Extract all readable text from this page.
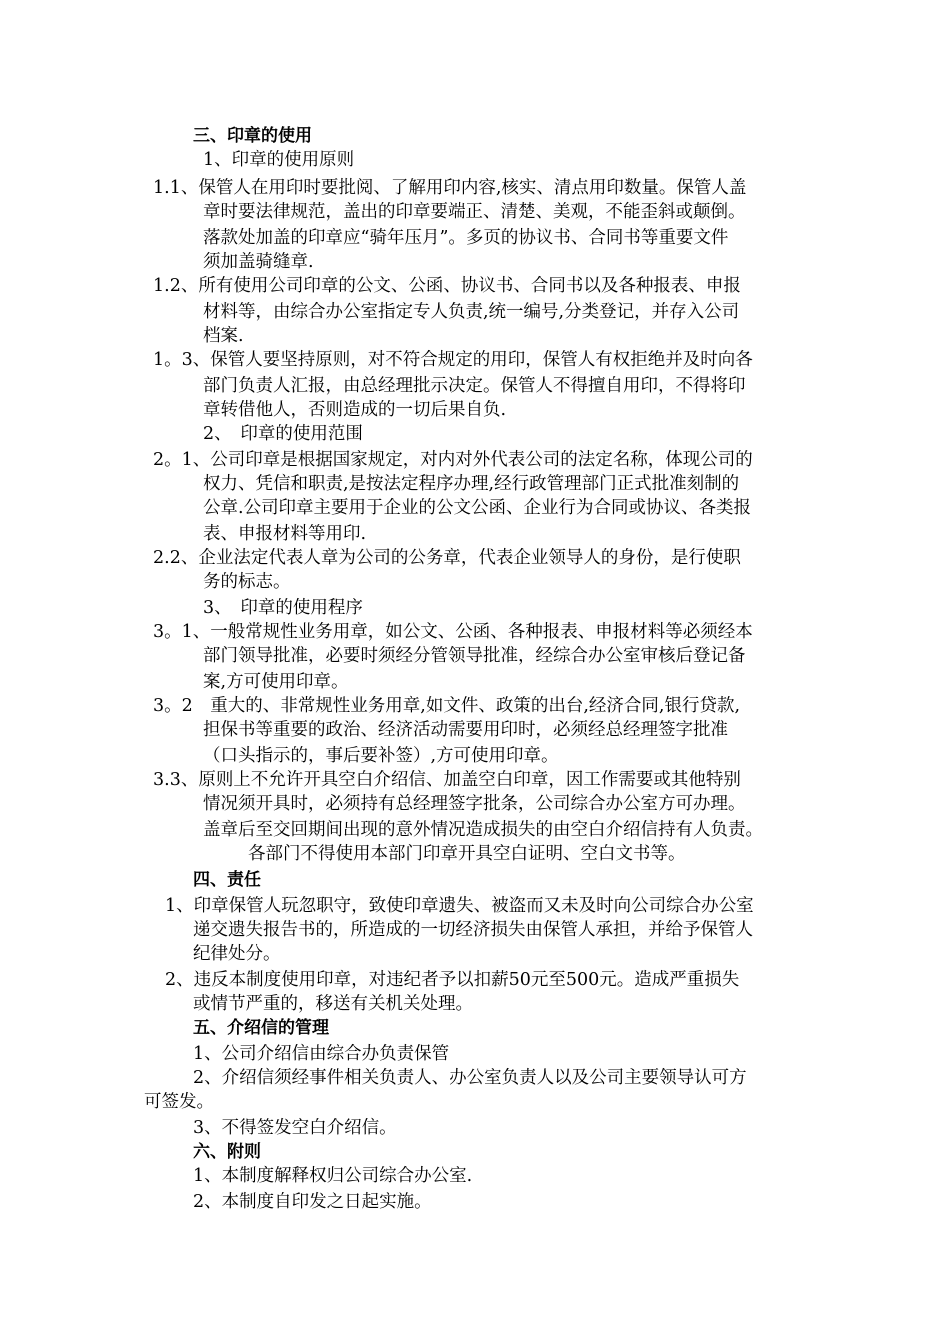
三、印章的使用
1、印章的使用原则
1.1、保管人在用印时要批阅、了解用印内容,核实、清点用印数量。保管人盖
章时要法律规范，盖出的印章要端正、清楚、美观，不能歪斜或颠倒。
落款处加盖的印章应“骑年压月”。多页的协议书、合同书等重要文件
须加盖骑缝章.
1.2、所有使用公司印章的公文、公函、协议书、合同书以及各种报表、申报
材料等，由综合办公室指定专人负责,统一编号,分类登记，并存入公司
档案.
1。3、保管人要坚持原则，对不符合规定的用印，保管人有权拒绝并及时向各
部门负责人汇报，由总经理批示决定。保管人不得擅自用印，不得将印
章转借他人，否则造成的一切后果自负.
2、　印章的使用范围
2。1、公司印章是根据国家规定，对内对外代表公司的法定名称，体现公司的
权力、凭信和职责,是按法定程序办理,经行政管理部门正式批准刻制的
公章.公司印章主要用于企业的公文公函、企业行为合同或协议、各类报
表、申报材料等用印.
2.2、企业法定代表人章为公司的公务章，代表企业领导人的身份，是行使职
务的标志。
3、　印章的使用程序
3。1、一般常规性业务用章，如公文、公函、各种报表、申报材料等必须经本
部门领导批准，必要时须经分管领导批准，经综合办公室审核后登记备
案,方可使用印章。
3。2　重大的、非常规性业务用章,如文件、政策的出台,经济合同,银行贷款,
担保书等重要的政治、经济活动需要用印时，必须经总经理签字批准
（口头指示的，事后要补签）,方可使用印章。
3.3、原则上不允许开具空白介绍信、加盖空白印章，因工作需要或其他特别
情况须开具时，必须持有总经理签字批条，公司综合办公室方可办理。
盖章后至交回期间出现的意外情况造成损失的由空白介绍信持有人负责。
各部门不得使用本部门印章开具空白证明、空白文书等。
四、责任
1、印章保管人玩忽职守，致使印章遗失、被盗而又未及时向公司综合办公室
递交遗失报告书的，所造成的一切经济损失由保管人承担，并给予保管人
纪律处分。
2、违反本制度使用印章，对违纪者予以扣薪50元至500元。造成严重损失
或情节严重的，移送有关机关处理。
五、介绍信的管理
1、公司介绍信由综合办负责保管
2、介绍信须经事件相关负责人、办公室负责人以及公司主要领导认可方
可签发。
3、不得签发空白介绍信。
六、附则
1、本制度解释权归公司综合办公室.
2、本制度自印发之日起实施。
